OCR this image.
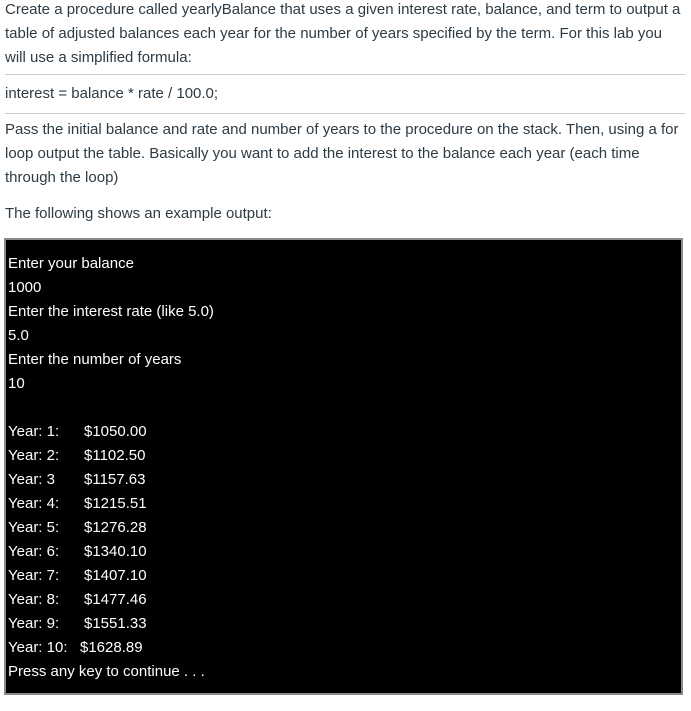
Create a procedure called yearlyBalance that uses a given interest rate, balance, and term to output a table of adjusted balances each year for the number of years specified by the term. For this lab you will use a simplified formula:

interest = balance * rate / 100.0;

Pass the initial balance and rate and number of years to the procedure on the stack. Then, using a for loop output the table. Basically you want to add the interest to the balance each year (each time through the loop)

The following shows an example output:

Enter your balance
1000
Enter the interest rate (like 5.0)
5.0
Enter the number of years
10
Year: 1: $1050.00
Year: 2: $1102.50
Year: 3 $1157.63
Year: 4: $1215.51
Year: 5: $1276.28
Year: 6: $1340.10
Year: 7: $1407.10
Year: 8: $1477.46
Year: 9: $1551.33
Year: 10: $1628.89
Press any key to continue . . .
